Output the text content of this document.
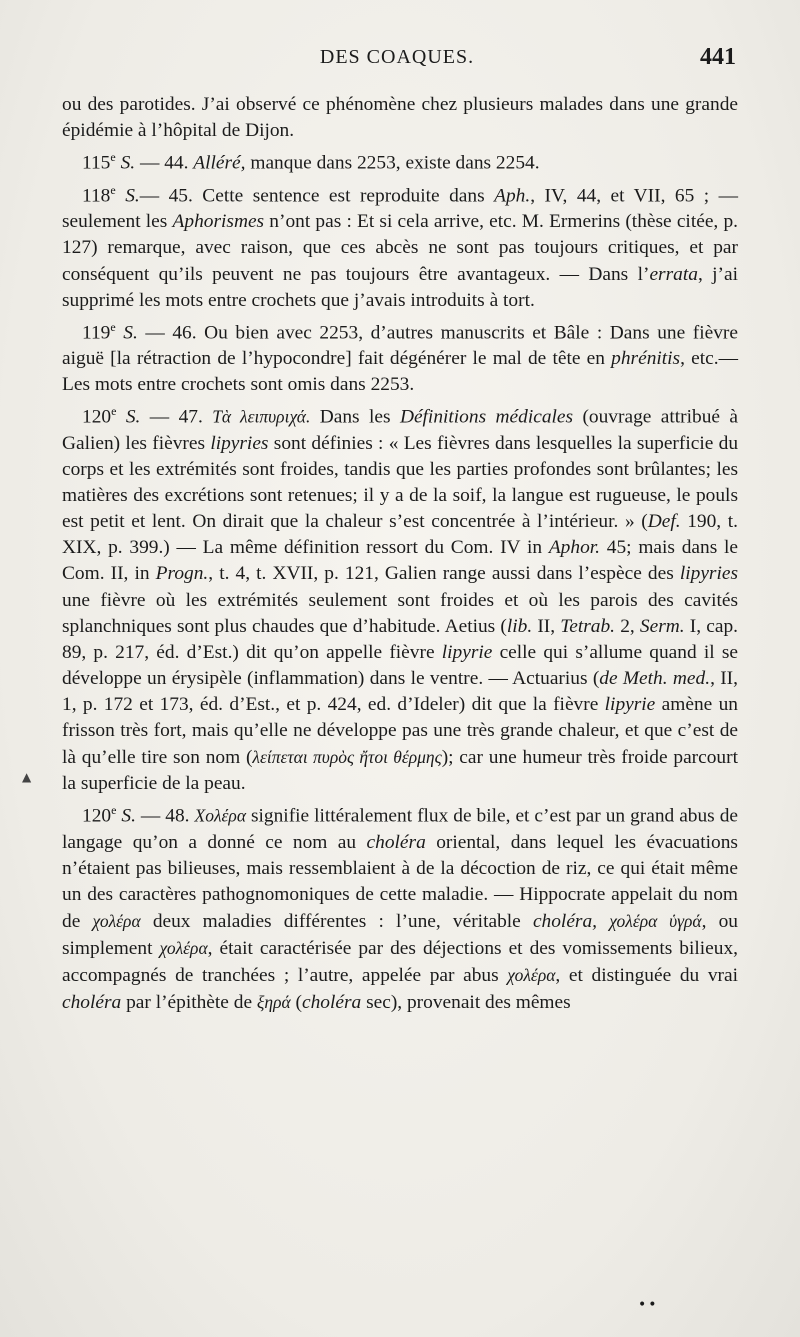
DES COAQUES.	441

ou des parotides. J’ai observé ce phénomène chez plusieurs malades dans une grande épidémie à l’hôpital de Dijon.

115e S. — 44. Alléré, manque dans 2253, existe dans 2254.

118e S.— 45. Cette sentence est reproduite dans Aph., IV, 44, et VII, 65 ; — seulement les Aphorismes n’ont pas : Et si cela arrive, etc. M. Ermerins (thèse citée, p. 127) remarque, avec raison, que ces abcès ne sont pas toujours critiques, et par conséquent qu’ils peuvent ne pas toujours être avantageux. — Dans l’errata, j’ai supprimé les mots entre crochets que j’avais introduits à tort.

119e S. — 46. Ou bien avec 2253, d’autres manuscrits et Bâle : Dans une fièvre aiguë [la rétraction de l’hypocondre] fait dégénérer le mal de tête en phrénitis, etc.— Les mots entre crochets sont omis dans 2253.

120e S. — 47. Τὰ λειπυριχά. Dans les Définitions médicales (ouvrage attribué à Galien) les fièvres lipyries sont définies : « Les fièvres dans lesquelles la superficie du corps et les extrémités sont froides, tandis que les parties profondes sont brûlantes; les matières des excrétions sont retenues; il y a de la soif, la langue est rugueuse, le pouls est petit et lent. On dirait que la chaleur s’est concentrée à l’intérieur. » (Def. 190, t. XIX, p. 399.) — La même définition ressort du Com. IV in Aphor. 45; mais dans le Com. II, in Progn., t. 4, t. XVII, p. 121, Galien range aussi dans l’espèce des lipyries une fièvre où les extrémités seulement sont froides et où les parois des cavités splanchniques sont plus chaudes que d’habitude. Aetius (lib. II, Tetrab. 2, Serm. I, cap. 89, p. 217, éd. d’Est.) dit qu’on appelle fièvre lipyrie celle qui s’allume quand il se développe un érysipèle (inflammation) dans le ventre. — Actuarius (de Meth. med., II, 1, p. 172 et 173, éd. d’Est., et p. 424, ed. d’Ideler) dit que la fièvre lipyrie amène un frisson très fort, mais qu’elle ne développe pas une très grande chaleur, et que c’est de là qu’elle tire son nom (λείπεται πυρὸς ἤτοι θέρμης); car une humeur très froide parcourt la superficie de la peau.

120e S. — 48. Χολέρα signifie littéralement flux de bile, et c’est par un grand abus de langage qu’on a donné ce nom au choléra oriental, dans lequel les évacuations n’étaient pas bilieuses, mais ressemblaient à de la décoction de riz, ce qui était même un des caractères pathognomoniques de cette maladie. — Hippocrate appelait du nom de χολέρα deux maladies différentes : l’une, véritable choléra, χολέρα ὑγρά, ou simplement χολέρα, était caractérisée par des déjections et des vomissements bilieux, accompagnés de tranchées ; l’autre, appelée par abus χολέρα, et distinguée du vrai choléra par l’épithète de ξηρά (choléra sec), provenait des mêmes

▲
••
